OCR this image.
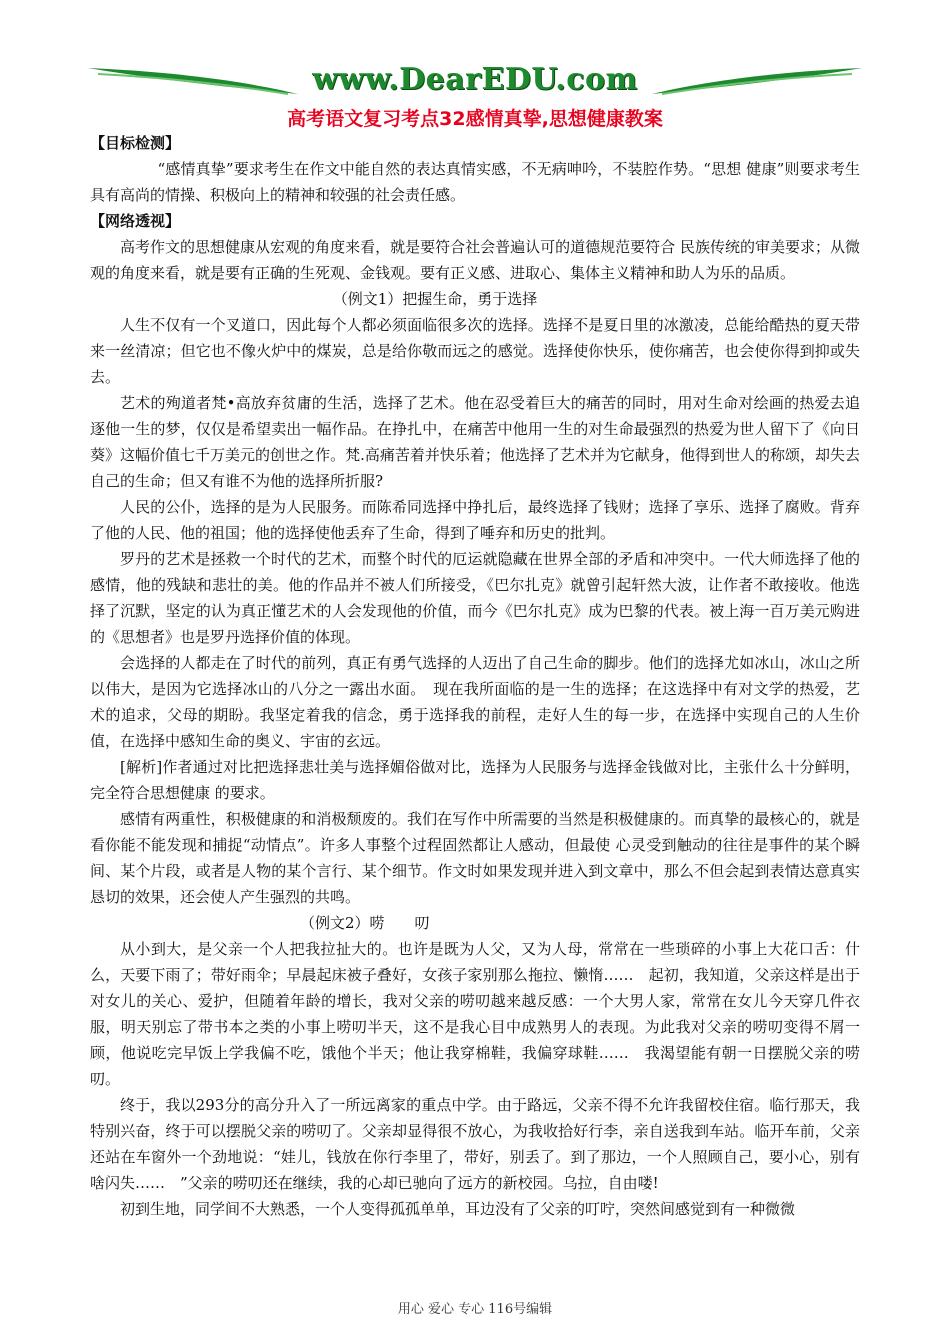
www.DearEDU.com
高考语文复习考点32感情真挚,思想健康教案

【目标检测】

“感情真挚”要求考生在作文中能自然的表达真情实感，不无病呻吟，不装腔作势。“思想 健康”则要求考生具有高尚的情操、积极向上的精神和较强的社会责任感。

【网络透视】

高考作文的思想健康从宏观的角度来看，就是要符合社会普遍认可的道德规范要符合 民族传统的审美要求；从微观的角度来看，就是要有正确的生死观、金钱观。要有正义感、进取心、集体主义精神和助人为乐的品质。

（例文1）把握生命，勇于选择

人生不仅有一个叉道口，因此每个人都必须面临很多次的选择。选择不是夏日里的冰激凌，总能给酷热的夏天带来一丝清凉；但它也不像火炉中的煤炭，总是给你敬而远之的感觉。选择使你快乐，使你痛苦，也会使你得到抑或失去。

艺术的殉道者梵•高放弃贫庸的生活，选择了艺术。他在忍受着巨大的痛苦的同时，用对生命对绘画的热爱去追逐他一生的梦，仅仅是希望卖出一幅作品。在挣扎中，在痛苦中他用一生的对生命最强烈的热爱为世人留下了《向日葵》这幅价值七千万美元的创世之作。梵.高痛苦着并快乐着；他选择了艺术并为它献身，他得到世人的称颂，却失去自己的生命；但又有谁不为他的选择所折服?

人民的公仆，选择的是为人民服务。而陈希同选择中挣扎后，最终选择了钱财；选择了享乐、选择了腐败。背弃了他的人民、他的祖国；他的选择使他丢弃了生命，得到了唾弃和历史的批判。

罗丹的艺术是拯救一个时代的艺术，而整个时代的厄运就隐藏在世界全部的矛盾和冲突中。一代大师选择了他的感情，他的残缺和悲壮的美。他的作品并不被人们所接受，《巴尔扎克》就曾引起轩然大波，让作者不敢接收。他选择了沉默，坚定的认为真正懂艺术的人会发现他的价值，而今《巴尔扎克》成为巴黎的代表。被上海一百万美元购进的《思想者》也是罗丹选择价值的体现。

会选择的人都走在了时代的前列，真正有勇气选择的人迈出了自己生命的脚步。他们的选择尤如冰山，冰山之所以伟大，是因为它选择冰山的八分之一露出水面。　现在我所面临的是一生的选择；在这选择中有对文学的热爱，艺术的追求，父母的期盼。我坚定着我的信念，勇于选择我的前程，走好人生的每一步，在选择中实现自己的人生价值，在选择中感知生命的奥义、宇宙的玄远。

[解析]作者通过对比把选择悲壮美与选择媚俗做对比，选择为人民服务与选择金钱做对比，主张什么十分鲜明，完全符合思想健康 的要求。

感情有两重性，积极健康的和消极颓废的。我们在写作中所需要的当然是积极健康的。而真挚的最核心的，就是看你能不能发现和捕捉“动情点”。许多人事整个过程固然都让人感动，但最使 心灵受到触动的往往是事件的某个瞬间、某个片段，或者是人物的某个言行、某个细节。作文时如果发现并进入到文章中，那么不但会起到表情达意真实恳切的效果，还会使人产生强烈的共鸣。

（例文2）唠　　叨

从小到大，是父亲一个人把我拉扯大的。也许是既为人父，又为人母，常常在一些琐碎的小事上大花口舌：什么，天要下雨了；带好雨伞；早晨起床被子叠好，女孩子家别那么拖拉、懒惰……　起初，我知道，父亲这样是出于对女儿的关心、爱护，但随着年龄的增长，我对父亲的唠叨越来越反感：一个大男人家，常常在女儿今天穿几件衣服，明天别忘了带书本之类的小事上唠叨半天，这不是我心目中成熟男人的表现。为此我对父亲的唠叨变得不屑一顾，他说吃完早饭上学我偏不吃，饿他个半天；他让我穿棉鞋，我偏穿球鞋……　我渴望能有朝一日摆脱父亲的唠叨。

终于，我以293分的高分升入了一所远离家的重点中学。由于路远，父亲不得不允许我留校住宿。临行那天，我特别兴奋，终于可以摆脱父亲的唠叨了。父亲却显得很不放心，为我收拾好行李，亲自送我到车站。临开车前，父亲还站在车窗外一个劲地说：“娃儿，钱放在你行李里了，带好，别丢了。到了那边，一个人照顾自己，要小心，别有啥闪失……　”父亲的唠叨还在继续，我的心却已驰向了远方的新校园。乌拉，自由喽!

初到生地，同学间不大熟悉，一个人变得孤孤单单，耳边没有了父亲的叮咛，突然间感觉到有一种微微

用心 爱心 专心 116号编辑
